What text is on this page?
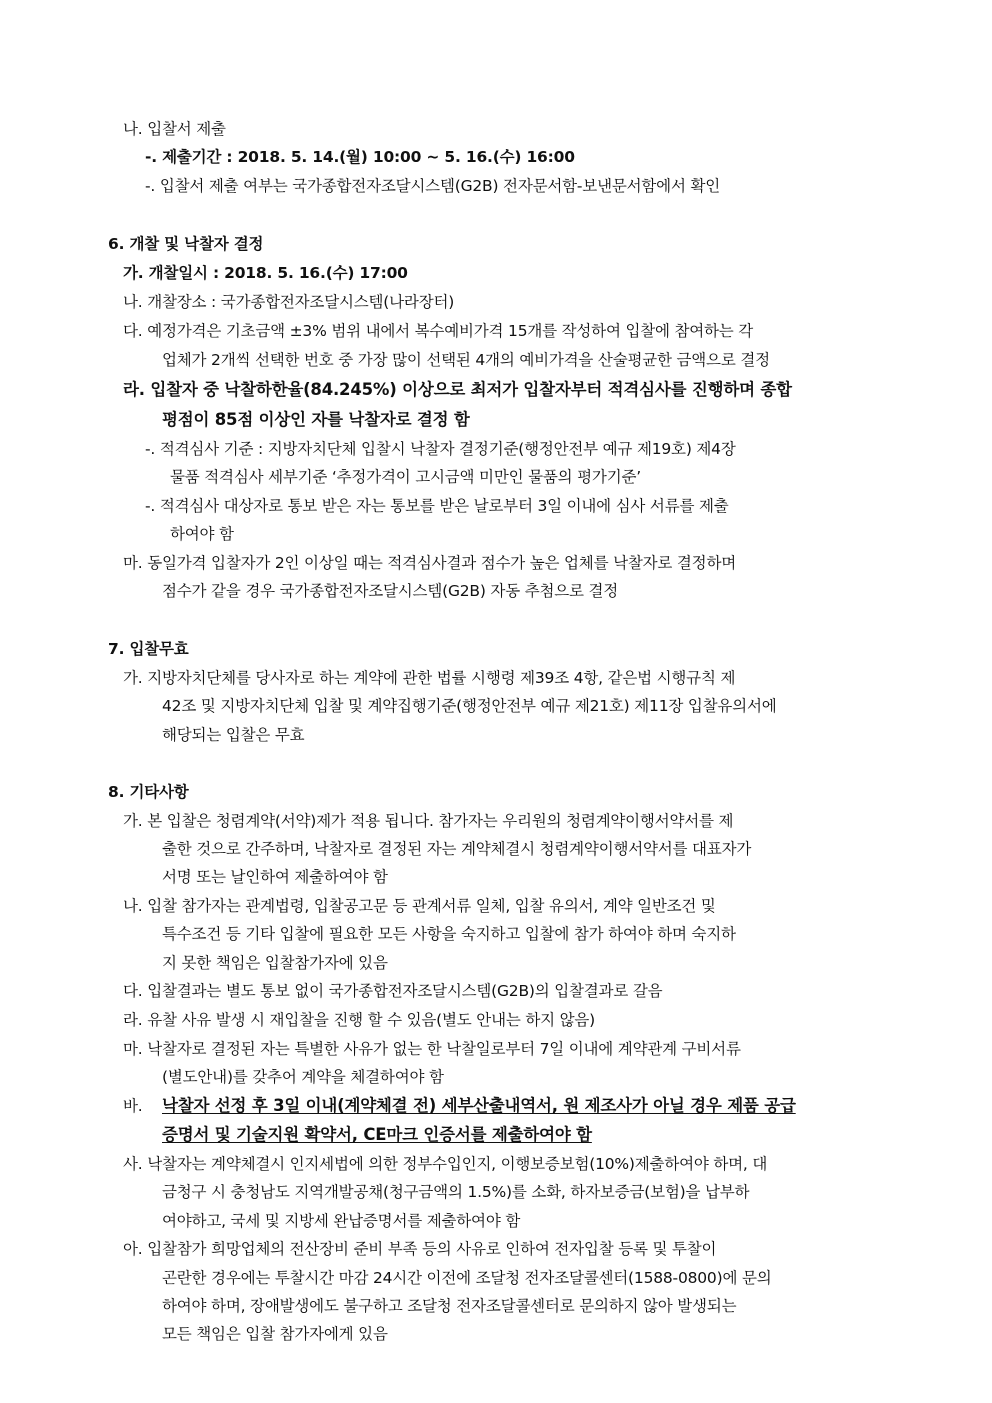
나. 입찰서 제출
-. 제출기간 : 2018. 5. 14.(월) 10:00 ~ 5. 16.(수) 16:00
-. 입찰서 제출 여부는 국가종합전자조달시스템(G2B) 전자문서함-보낸문서함에서 확인
6. 개찰 및 낙찰자 결정
가. 개찰일시 : 2018. 5. 16.(수) 17:00
나. 개찰장소 : 국가종합전자조달시스템(나라장터)
다. 예정가격은 기초금액 ±3% 범위 내에서 복수예비가격 15개를 작성하여 입찰에 참여하는 각
업체가 2개씩 선택한 번호 중 가장 많이 선택된 4개의 예비가격을 산술평균한 금액으로 결정
라. 입찰자 중 낙찰하한율(84.245%) 이상으로 최저가 입찰자부터 적격심사를 진행하며 종합
평점이 85점 이상인 자를 낙찰자로 결정 함
-. 적격심사 기준 : 지방자치단체 입찰시 낙찰자 결정기준(행정안전부 예규 제19호) 제4장
물품 적격심사 세부기준 ‘추정가격이 고시금액 미만인 물품의 평가기준’
-. 적격심사 대상자로 통보 받은 자는 통보를 받은 날로부터 3일 이내에 심사 서류를 제출
하여야 함
마. 동일가격 입찰자가 2인 이상일 때는 적격심사결과 점수가 높은 업체를 낙찰자로 결정하며
점수가 같을 경우 국가종합전자조달시스템(G2B) 자동 추첨으로 결정
7. 입찰무효
가. 지방자치단체를 당사자로 하는 계약에 관한 법률 시행령 제39조 4항, 같은법 시행규칙 제
42조 및 지방자치단체 입찰 및 계약집행기준(행정안전부 예규 제21호) 제11장 입찰유의서에
해당되는 입찰은 무효
8. 기타사항
가. 본 입찰은 청렴계약(서약)제가 적용 됩니다. 참가자는 우리원의 청렴계약이행서약서를 제
출한 것으로 간주하며, 낙찰자로 결정된 자는 계약체결시 청렴계약이행서약서를 대표자가
서명 또는 날인하여 제출하여야 함
나. 입찰 참가자는 관계법령, 입찰공고문 등 관계서류 일체, 입찰 유의서, 계약 일반조건 및
특수조건 등 기타 입찰에 필요한 모든 사항을 숙지하고 입찰에 참가 하여야 하며 숙지하
지 못한 책임은 입찰참가자에 있음
다. 입찰결과는 별도 통보 없이 국가종합전자조달시스템(G2B)의 입찰결과로 갈음
라. 유찰 사유 발생 시 재입찰을 진행 할 수 있음(별도 안내는 하지 않음)
마. 낙찰자로 결정된 자는 특별한 사유가 없는 한 낙찰일로부터 7일 이내에 계약관계 구비서류
(별도안내)를 갖추어 계약을 체결하여야 함
바. 낙찰자 선정 후 3일 이내(계약체결 전) 세부산출내역서, 원 제조사가 아닐 경우 제품 공급
증명서 및 기술지원 확약서, CE마크 인증서를 제출하여야 함
사. 낙찰자는 계약체결시 인지세법에 의한 정부수입인지, 이행보증보험(10%)제출하여야 하며, 대
금청구 시 충청남도 지역개발공채(청구금액의 1.5%)를 소화, 하자보증금(보험)을 납부하
여야하고, 국세 및 지방세 완납증명서를 제출하여야 함
아. 입찰참가 희망업체의 전산장비 준비 부족 등의 사유로 인하여 전자입찰 등록 및 투찰이
곤란한 경우에는 투찰시간 마감 24시간 이전에 조달청 전자조달콜센터(1588-0800)에 문의
하여야 하며, 장애발생에도 불구하고 조달청 전자조달콜센터로 문의하지 않아 발생되는
모든 책임은 입찰 참가자에게 있음
